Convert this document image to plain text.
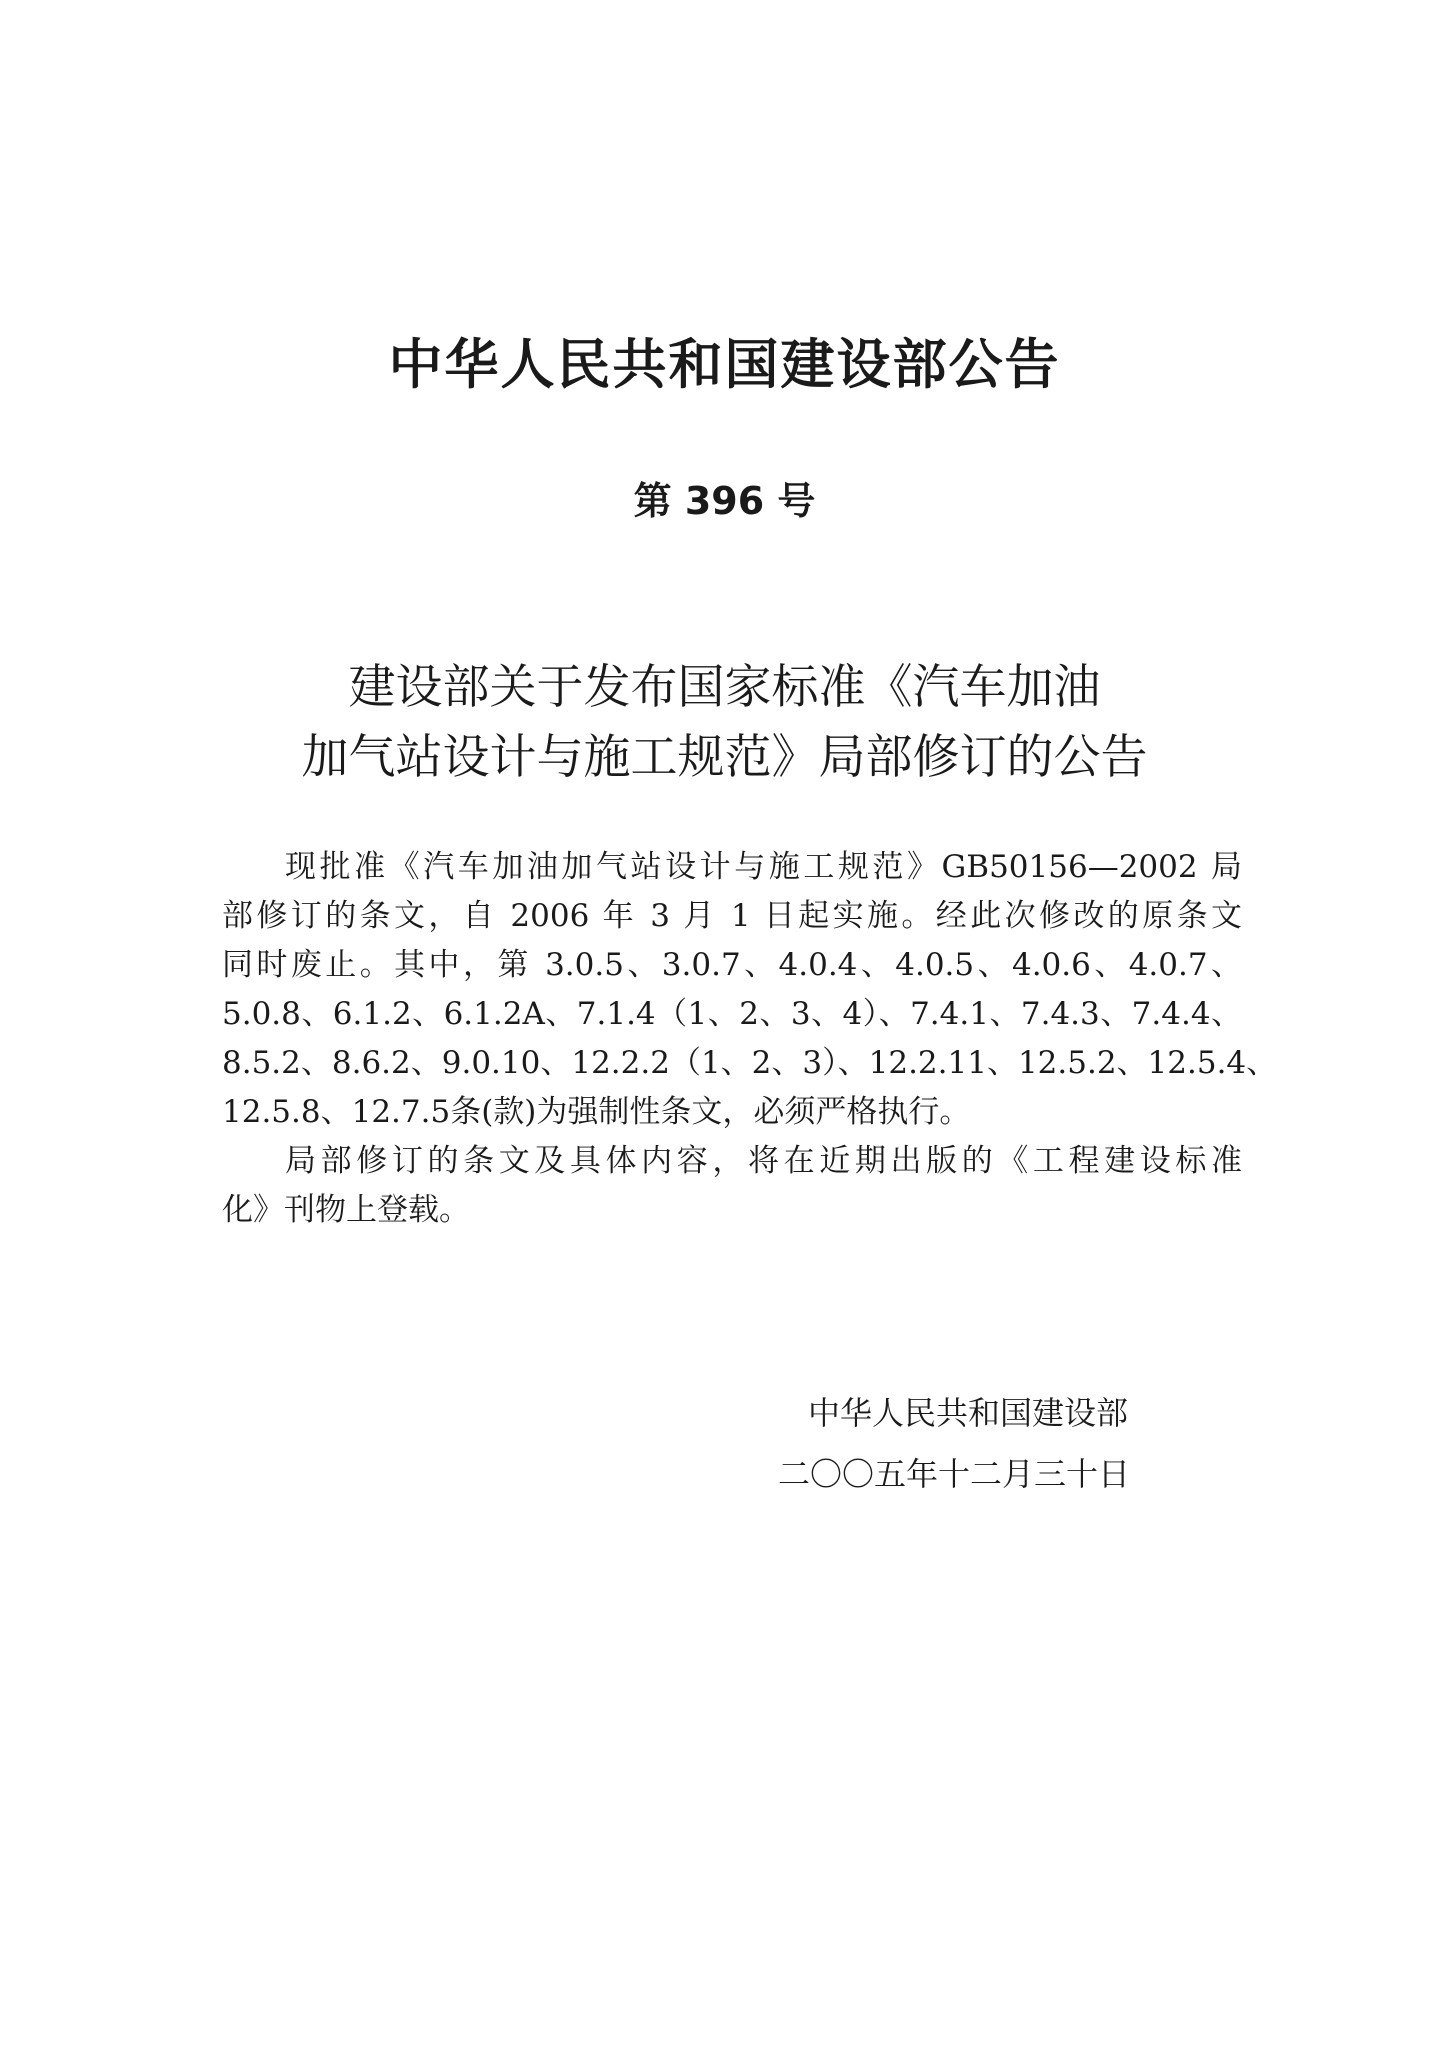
中华人民共和国建设部公告
第 396 号
建设部关于发布国家标准《汽车加油
加气站设计与施工规范》局部修订的公告
现批准《汽车加油加气站设计与施工规范》GB50156—2002 局
部修订的条文，自 2006 年 3 月 1 日起实施。经此次修改的原条文
同时废止。其中，第 3.0.5、3.0.7、4.0.4、4.0.5、4.0.6、4.0.7、
5.0.8、6.1.2、6.1.2A、7.1.4（1、2、3、4）、7.4.1、7.4.3、7.4.4、
8.5.2、8.6.2、9.0.10、12.2.2（1、2、3）、12.2.11、12.5.2、12.5.4、
12.5.8、12.7.5条(款)为强制性条文，必须严格执行。
局部修订的条文及具体内容，将在近期出版的《工程建设标准
化》刊物上登载。
中华人民共和国建设部
二〇〇五年十二月三十日
